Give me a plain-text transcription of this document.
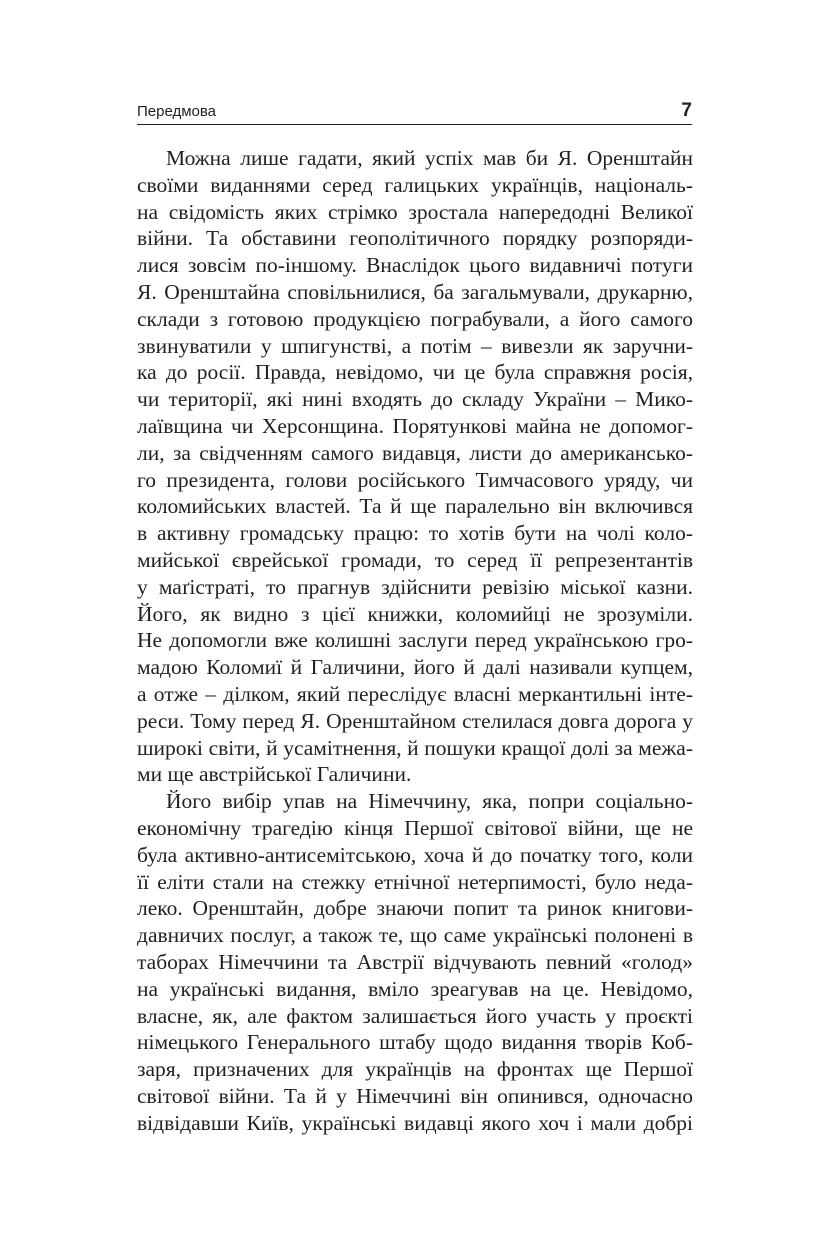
Передмова	7
Можна лише гадати, який успіх мав би Я. Оренштайн
своїми виданнями серед галицьких українців, національ-
на свідомість яких стрімко зростала напередодні Великої
війни. Та обставини геополітичного порядку розпоряди-
лися зовсім по-іншому. Внаслідок цього видавничі потуги
Я. Оренштайна сповільнилися, ба загальмували, друкарню,
склади з готовою продукцією пограбували, а його самого
звинуватили у шпигунстві, а потім – вивезли як заручни-
ка до росії. Правда, невідомо, чи це була справжня росія,
чи території, які нині входять до складу України – Мико-
лаївщина чи Херсонщина. Порятункові майна не допомог-
ли, за свідченням самого видавця, листи до американсько-
го президента, голови російського Тимчасового уряду, чи
коломийських властей. Та й ще паралельно він включився
в активну громадську працю: то хотів бути на чолі коло-
мийської єврейської громади, то серед її репрезентантів
у маґістраті, то прагнув здійснити ревізію міської казни.
Його, як видно з цієї книжки, коломийці не зрозуміли.
Не допомогли вже колишні заслуги перед українською гро-
мадою Коломиї й Галичини, його й далі називали купцем,
а отже – ділком, який переслідує власні меркантильні інте-
реси. Тому перед Я. Оренштайном стелилася довга дорога у
широкі світи, й усамітнення, й пошуки кращої долі за межа-
ми ще австрійської Галичини.
Його вибір упав на Німеччину, яка, попри соціально-
економічну трагедію кінця Першої світової війни, ще не
була активно-антисемітською, хоча й до початку того, коли
її еліти стали на стежку етнічної нетерпимості, було неда-
леко. Оренштайн, добре знаючи попит та ринок книгови-
давничих послуг, а також те, що саме українські полонені в
таборах Німеччини та Австрії відчувають певний «голод»
на українські видання, вміло зреагував на це. Невідомо,
власне, як, але фактом залишається його участь у проєкті
німецького Генерального штабу щодо видання творів Коб-
заря, призначених для українців на фронтах ще Першої
світової війни. Та й у Німеччині він опинився, одночасно
відвідавши Київ, українські видавці якого хоч і мали добрі
